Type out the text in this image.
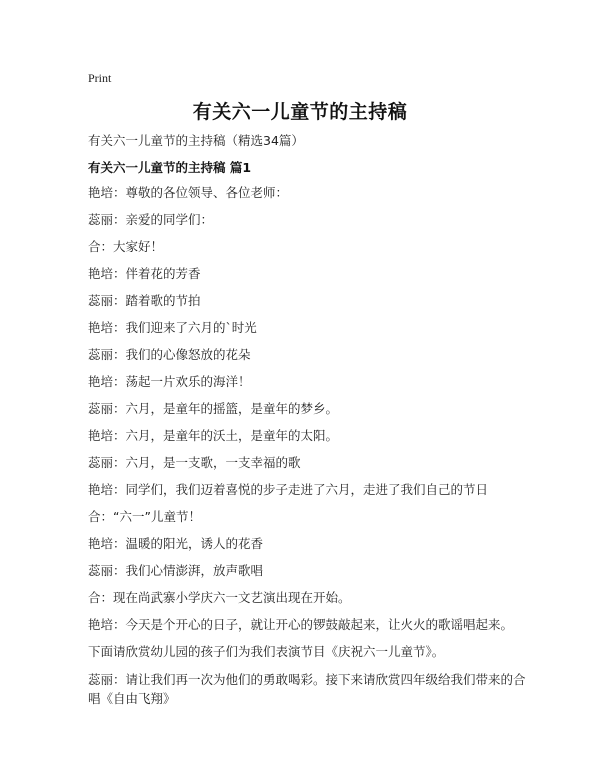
Print
有关六一儿童节的主持稿
有关六一儿童节的主持稿（精选34篇）
有关六一儿童节的主持稿 篇1
艳培：尊敬的各位领导、各位老师：
蕊丽：亲爱的同学们：
合：大家好！
艳培：伴着花的芳香
蕊丽：踏着歌的节拍
艳培：我们迎来了六月的`时光
蕊丽：我们的心像怒放的花朵
艳培：荡起一片欢乐的海洋！
蕊丽：六月，是童年的摇篮，是童年的梦乡。
艳培：六月，是童年的沃土，是童年的太阳。
蕊丽：六月，是一支歌，一支幸福的歌
艳培：同学们，我们迈着喜悦的步子走进了六月，走进了我们自己的节日
合：“六一”儿童节！
艳培：温暖的阳光，诱人的花香
蕊丽：我们心情澎湃，放声歌唱
合：现在尚武寨小学庆六一文艺演出现在开始。
艳培：今天是个开心的日子，就让开心的锣鼓敲起来，让火火的歌谣唱起来。
下面请欣赏幼儿园的孩子们为我们表演节目《庆祝六一儿童节》。
蕊丽：请让我们再一次为他们的勇敢喝彩。接下来请欣赏四年级给我们带来的合唱《自由飞翔》
